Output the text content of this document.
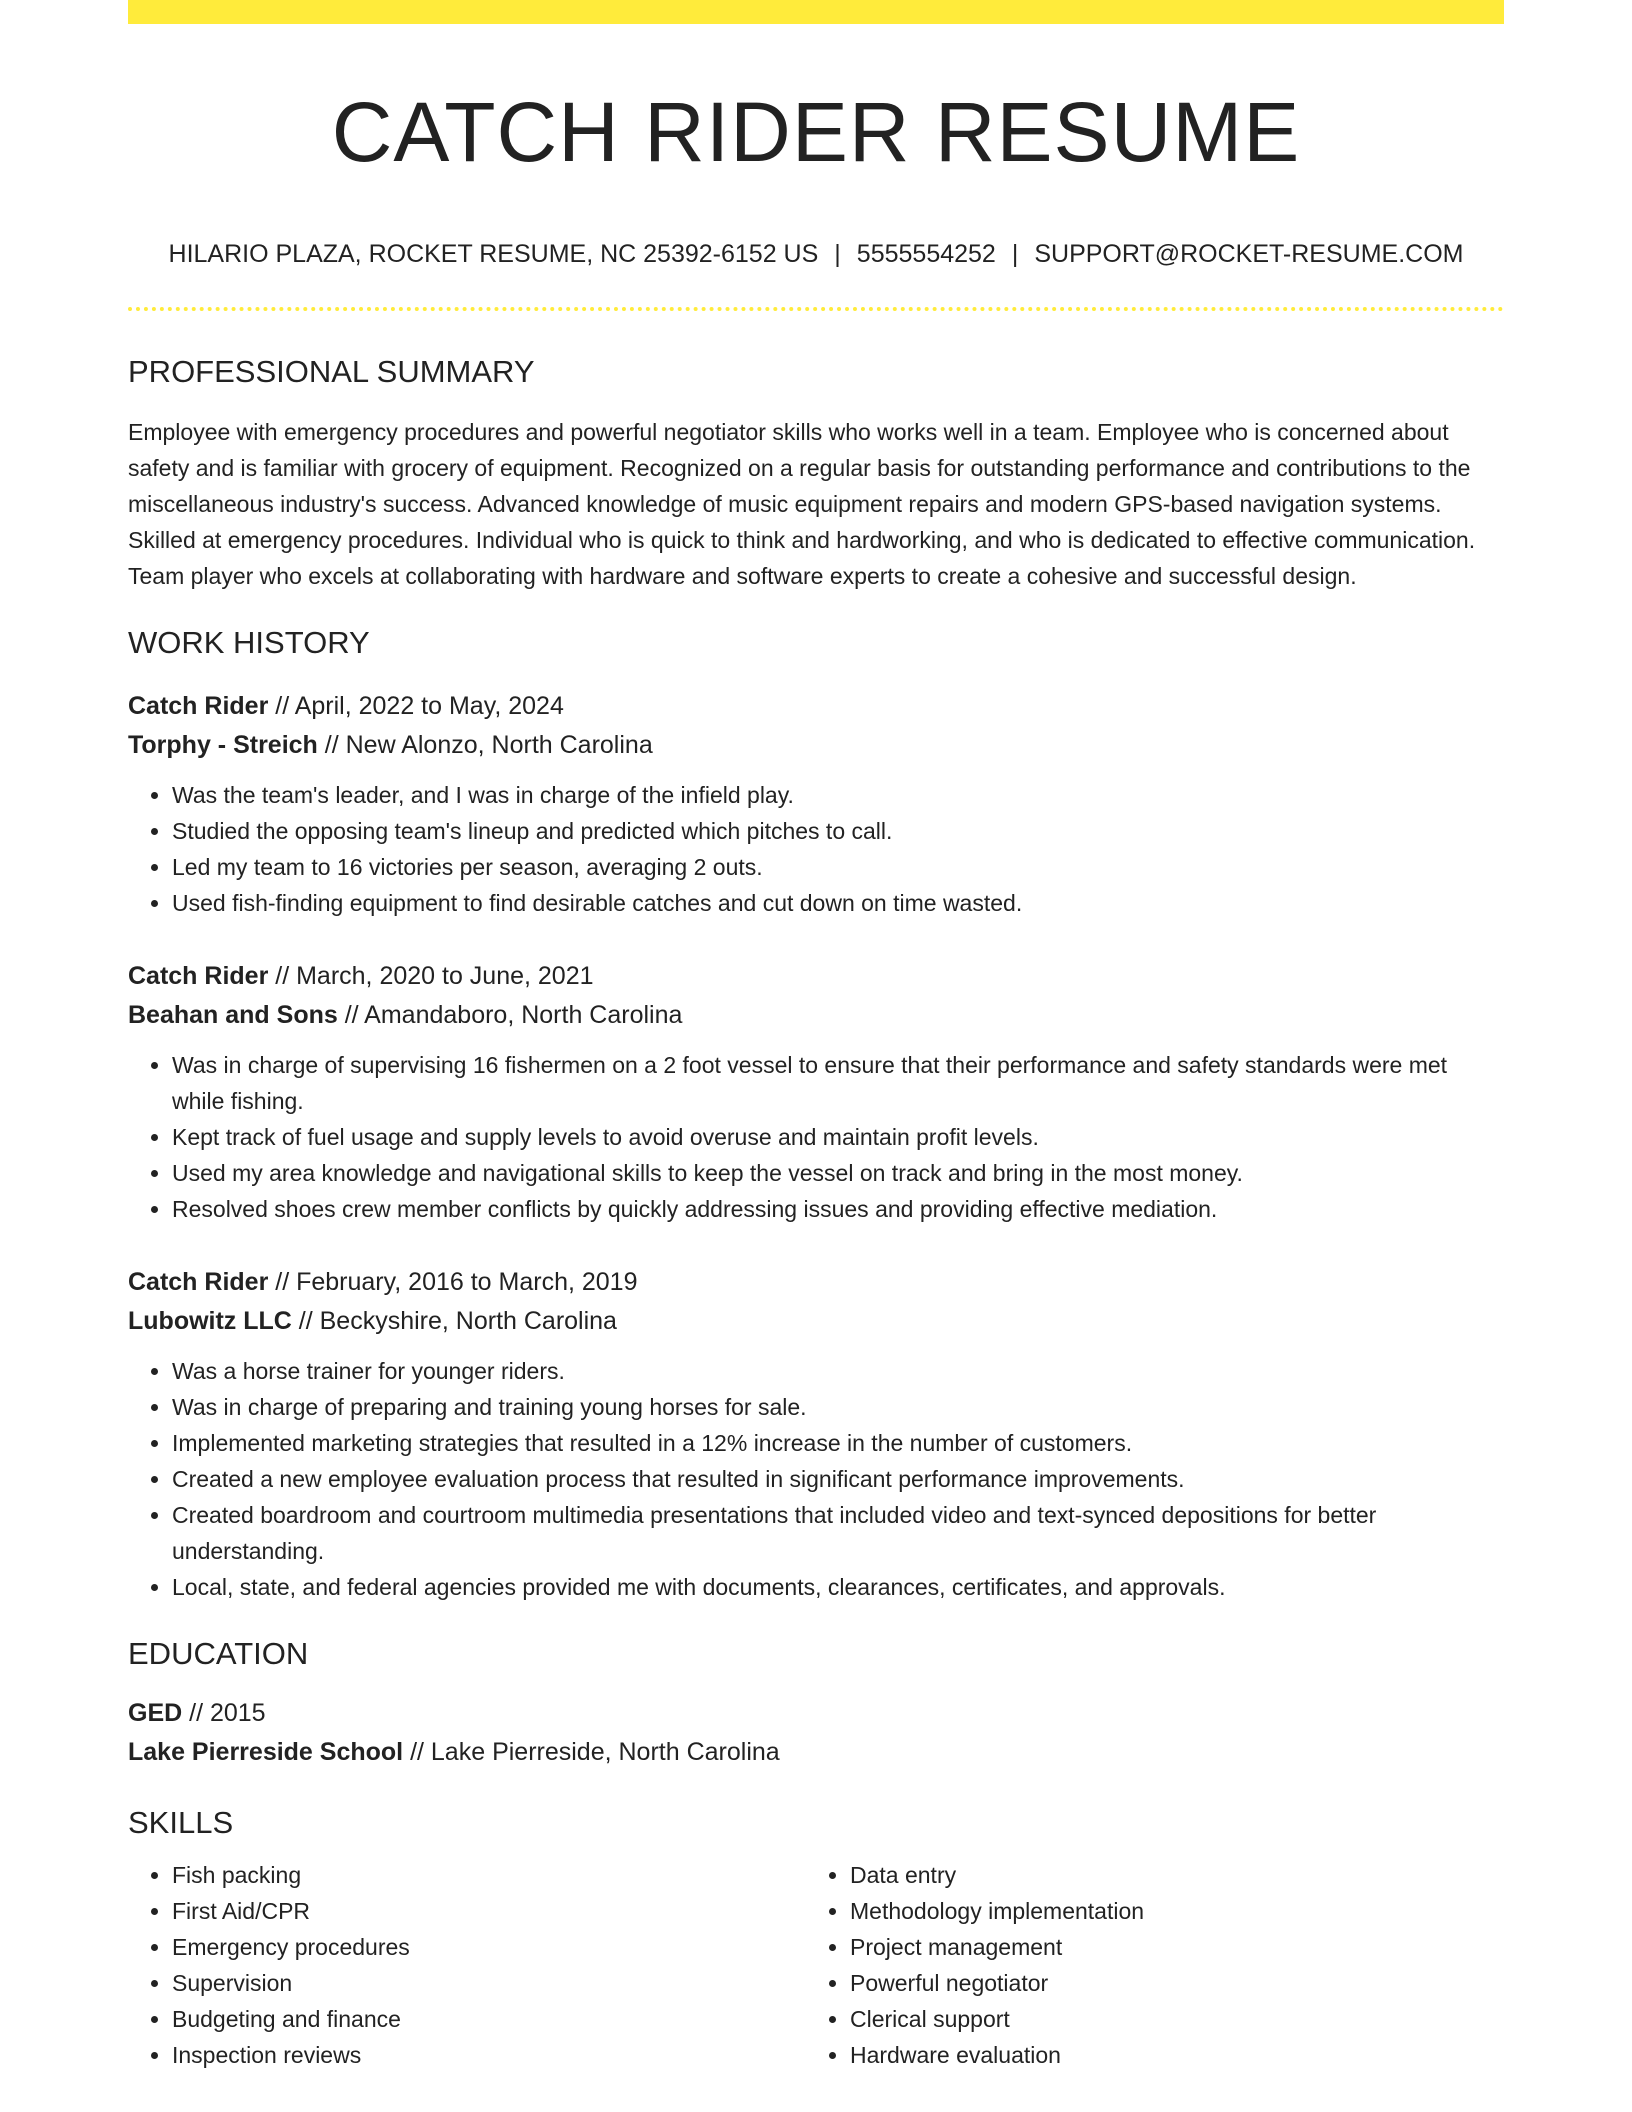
CATCH RIDER RESUME
HILARIO PLAZA, ROCKET RESUME, NC 25392-6152 US | 5555554252 | SUPPORT@ROCKET-RESUME.COM
PROFESSIONAL SUMMARY
Employee with emergency procedures and powerful negotiator skills who works well in a team. Employee who is concerned about safety and is familiar with grocery of equipment. Recognized on a regular basis for outstanding performance and contributions to the miscellaneous industry's success. Advanced knowledge of music equipment repairs and modern GPS-based navigation systems. Skilled at emergency procedures. Individual who is quick to think and hardworking, and who is dedicated to effective communication. Team player who excels at collaborating with hardware and software experts to create a cohesive and successful design.
WORK HISTORY
Catch Rider // April, 2022 to May, 2024
Torphy - Streich // New Alonzo, North Carolina
• Was the team's leader, and I was in charge of the infield play.
• Studied the opposing team's lineup and predicted which pitches to call.
• Led my team to 16 victories per season, averaging 2 outs.
• Used fish-finding equipment to find desirable catches and cut down on time wasted.
Catch Rider // March, 2020 to June, 2021
Beahan and Sons // Amandaboro, North Carolina
• Was in charge of supervising 16 fishermen on a 2 foot vessel to ensure that their performance and safety standards were met while fishing.
• Kept track of fuel usage and supply levels to avoid overuse and maintain profit levels.
• Used my area knowledge and navigational skills to keep the vessel on track and bring in the most money.
• Resolved shoes crew member conflicts by quickly addressing issues and providing effective mediation.
Catch Rider // February, 2016 to March, 2019
Lubowitz LLC // Beckyshire, North Carolina
• Was a horse trainer for younger riders.
• Was in charge of preparing and training young horses for sale.
• Implemented marketing strategies that resulted in a 12% increase in the number of customers.
• Created a new employee evaluation process that resulted in significant performance improvements.
• Created boardroom and courtroom multimedia presentations that included video and text-synced depositions for better understanding.
• Local, state, and federal agencies provided me with documents, clearances, certificates, and approvals.
EDUCATION
GED // 2015
Lake Pierreside School // Lake Pierreside, North Carolina
SKILLS
• Fish packing
• First Aid/CPR
• Emergency procedures
• Supervision
• Budgeting and finance
• Inspection reviews
• Data entry
• Methodology implementation
• Project management
• Powerful negotiator
• Clerical support
• Hardware evaluation
